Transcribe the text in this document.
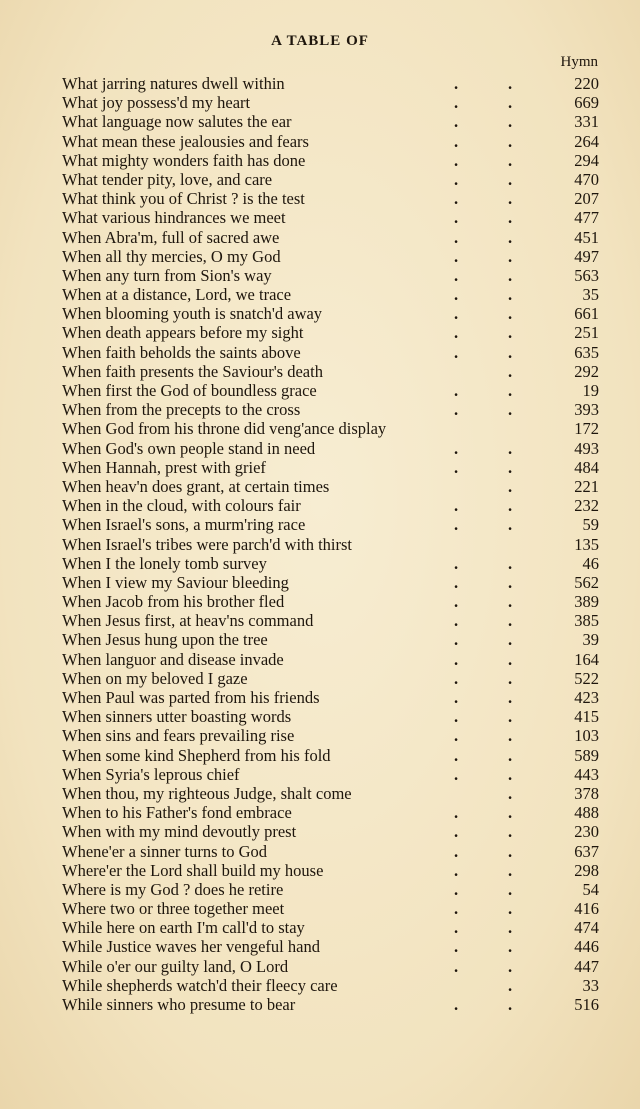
A TABLE OF
Hymn
What jarring natures dwell within	.	.	220
What joy possess'd my heart	.	.	669
What language now salutes the ear	.	.	331
What mean these jealousies and fears	.	.	264
What mighty wonders faith has done	.	.	294
What tender pity, love, and care	.	.	470
What think you of Christ ? is the test	.	.	207
What various hindrances we meet	.	.	477
When Abra'm, full of sacred awe	.	.	451
When all thy mercies, O my God	.	.	497
When any turn from Sion's way	.	.	563
When at a distance, Lord, we trace	.	.	35
When blooming youth is snatch'd away	.	.	661
When death appears before my sight	.	.	251
When faith beholds the saints above	.	.	635
When faith presents the Saviour's death	.	292
When first the God of boundless grace	.	.	19
When from the precepts to the cross	.	.	393
When God from his throne did veng'ance display	172
When God's own people stand in need	.	.	493
When Hannah, prest with grief	.	.	484
When heav'n does grant, at certain times	.	221
When in the cloud, with colours fair	.	.	232
When Israel's sons, a murm'ring race	.	.	59
When Israel's tribes were parch'd with thirst	135
When I the lonely tomb survey	.	.	46
When I view my Saviour bleeding	.	.	562
When Jacob from his brother fled	.	.	389
When Jesus first, at heav'ns command	.	.	385
When Jesus hung upon the tree	.	.	39
When languor and disease invade	.	.	164
When on my beloved I gaze	.	.	522
When Paul was parted from his friends	.	.	423
When sinners utter boasting words	.	.	415
When sins and fears prevailing rise	.	.	103
When some kind Shepherd from his fold	.	.	589
When Syria's leprous chief	.	.	443
When thou, my righteous Judge, shalt come	.	378
When to his Father's fond embrace	.	.	488
When with my mind devoutly prest	.	.	230
Whene'er a sinner turns to God	.	.	637
Where'er the Lord shall build my house	.	.	298
Where is my God ? does he retire	.	.	54
Where two or three together meet	.	.	416
While here on earth I'm call'd to stay	.	.	474
While Justice waves her vengeful hand	.	.	446
While o'er our guilty land, O Lord	.	.	447
While shepherds watch'd their fleecy care	.	33
While sinners who presume to bear	.	.	516
